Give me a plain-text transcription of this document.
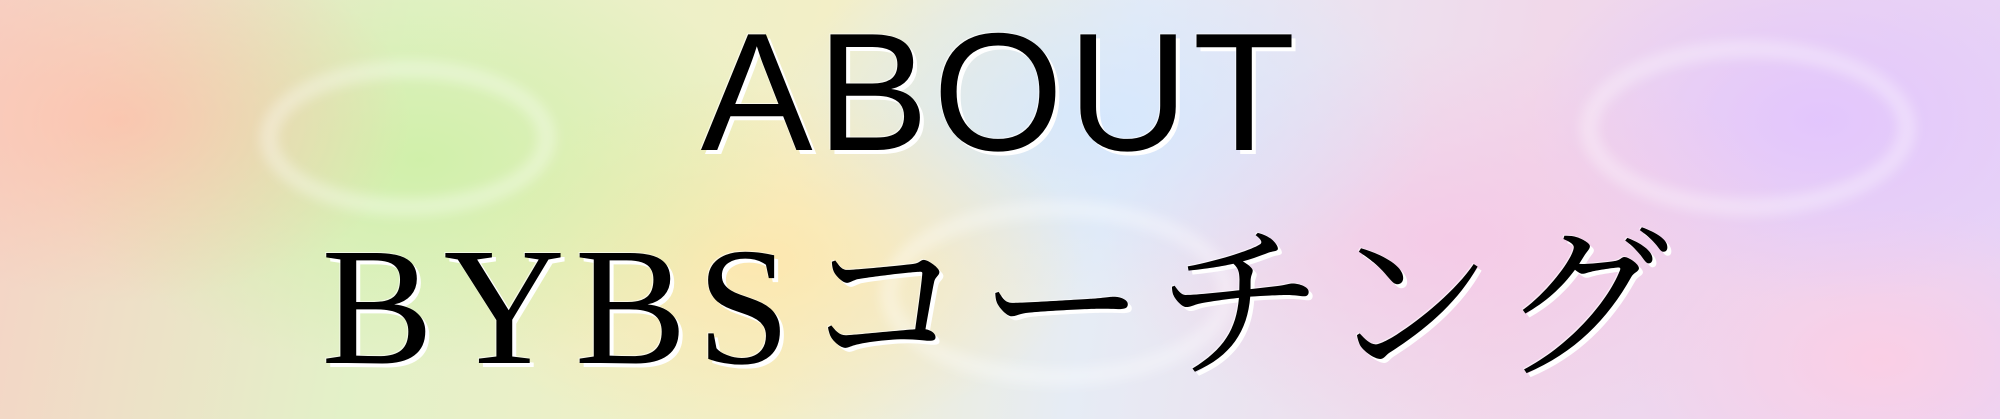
ABOUT
BYBSコーチング
